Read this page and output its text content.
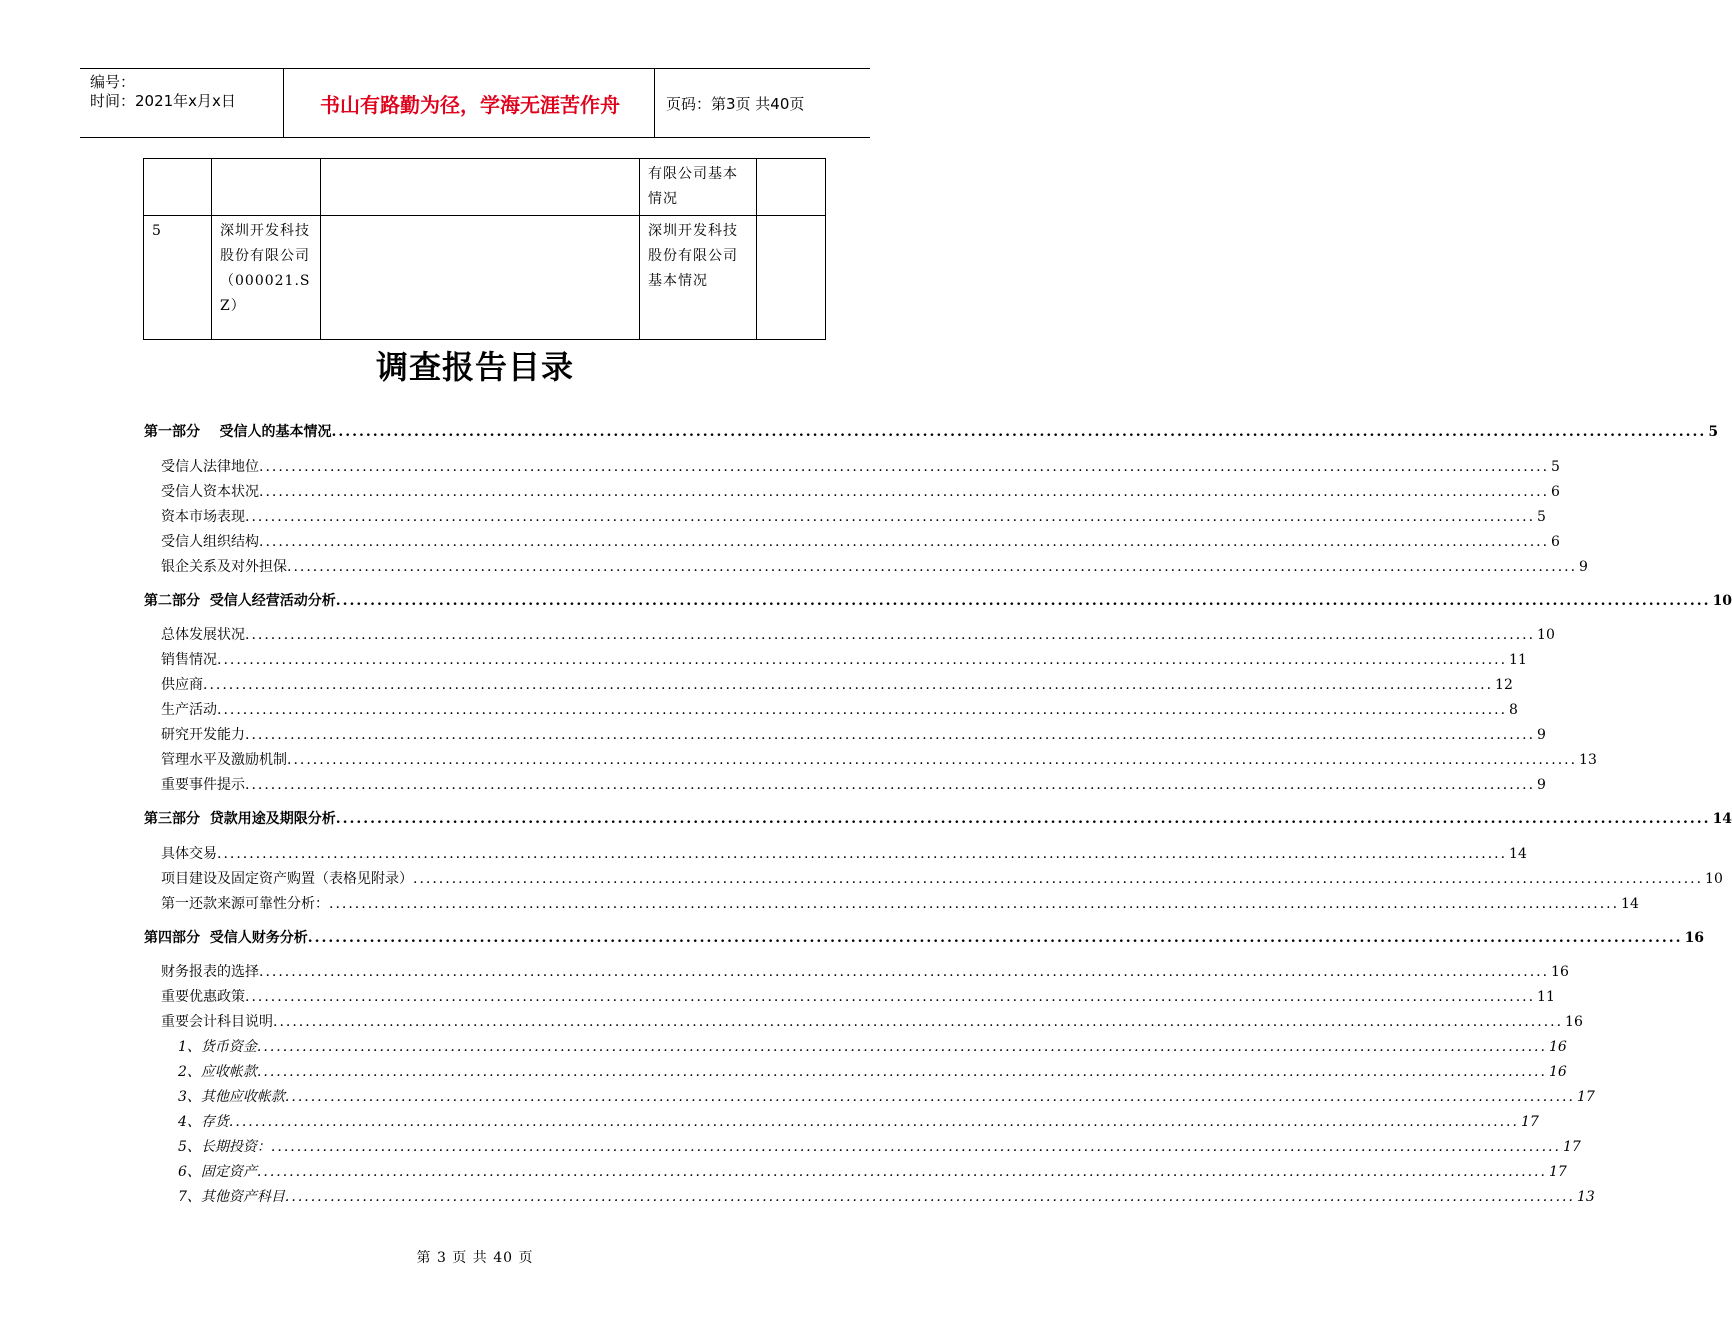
编号：
时间：2021年x月x日	书山有路勤为径，学海无涯苦作舟	页码：第3页 共40页
			有限公司基本情况	
5	深圳开发科技股份有限公司（000021.SZ）		深圳开发科技股份有限公司基本情况	
调查报告目录
第一部分    受信人的基本情况 ........................................................................................................................................................................................................ 5
受信人法律地位 ........................................................................................................................................................................................................ 5
受信人资本状况 ........................................................................................................................................................................................................ 6
资本市场表现 ........................................................................................................................................................................................................ 5
受信人组织结构 ........................................................................................................................................................................................................ 6
银企关系及对外担保 ........................................................................................................................................................................................................ 9
第二部分  受信人经营活动分析 ........................................................................................................................................................................................................ 10
总体发展状况 ........................................................................................................................................................................................................ 10
销售情况 ........................................................................................................................................................................................................ 11
供应商 ........................................................................................................................................................................................................ 12
生产活动 ........................................................................................................................................................................................................ 8
研究开发能力 ........................................................................................................................................................................................................ 9
管理水平及激励机制 ........................................................................................................................................................................................................ 13
重要事件提示 ........................................................................................................................................................................................................ 9
第三部分  贷款用途及期限分析 ........................................................................................................................................................................................................ 14
具体交易 ........................................................................................................................................................................................................ 14
项目建设及固定资产购置（表格见附录） ........................................................................................................................................................................................................ 10
第一还款来源可靠性分析： ........................................................................................................................................................................................................ 14
第四部分  受信人财务分析 ........................................................................................................................................................................................................ 16
财务报表的选择 ........................................................................................................................................................................................................ 16
重要优惠政策 ........................................................................................................................................................................................................ 11
重要会计科目说明 ........................................................................................................................................................................................................ 16
1、货币资金 ........................................................................................................................................................................................................ 16
2、应收帐款 ........................................................................................................................................................................................................ 16
3、其他应收帐款 ........................................................................................................................................................................................................ 17
4、存货 ........................................................................................................................................................................................................ 17
5、长期投资： ........................................................................................................................................................................................................ 17
6、固定资产 ........................................................................................................................................................................................................ 17
7、其他资产科目 ........................................................................................................................................................................................................ 13
第 3 页 共 40 页
